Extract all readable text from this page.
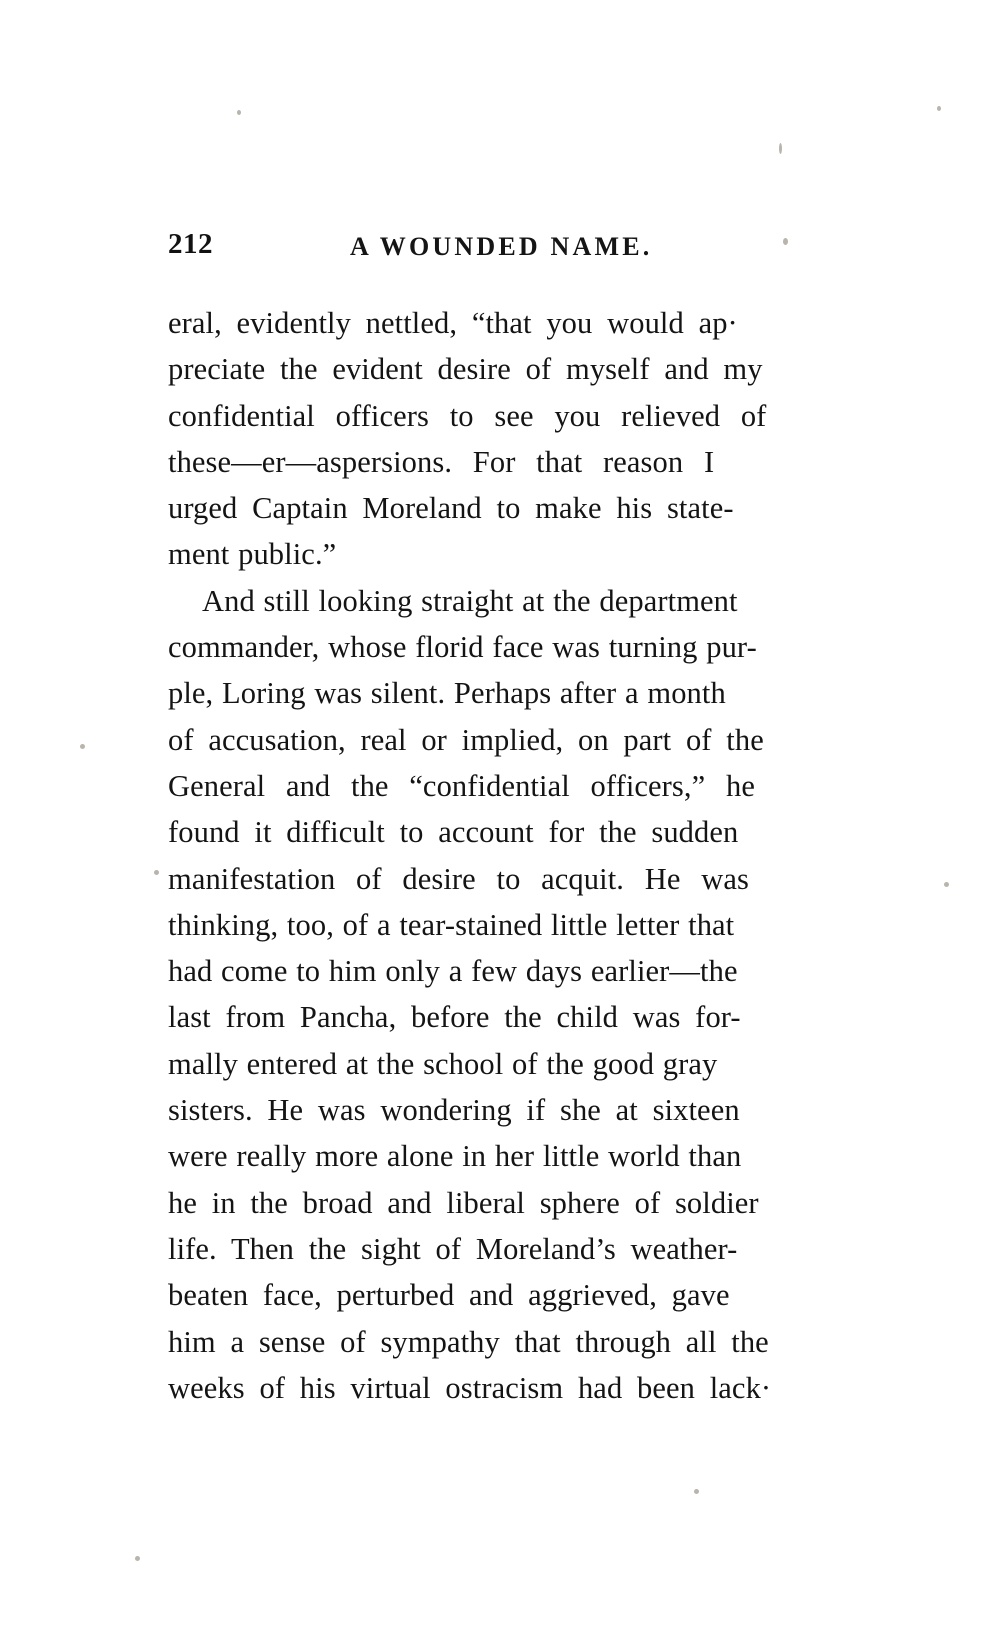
212	A WOUNDED NAME.
eral, evidently nettled, “that you would ap·
preciate the evident desire of myself and my
confidential officers to see you relieved of
these—er—aspersions. For that reason I
urged Captain Moreland to make his state-
ment public.”
And still looking straight at the department
commander, whose florid face was turning pur-
ple, Loring was silent. Perhaps after a month
of accusation, real or implied, on part of the
General and the “confidential officers,” he
found it difficult to account for the sudden
manifestation of desire to acquit. He was
thinking, too, of a tear-stained little letter that
had come to him only a few days earlier—the
last from Pancha, before the child was for-
mally entered at the school of the good gray
sisters. He was wondering if she at sixteen
were really more alone in her little world than
he in the broad and liberal sphere of soldier
life. Then the sight of Moreland’s weather-
beaten face, perturbed and aggrieved, gave
him a sense of sympathy that through all the
weeks of his virtual ostracism had been lack·
